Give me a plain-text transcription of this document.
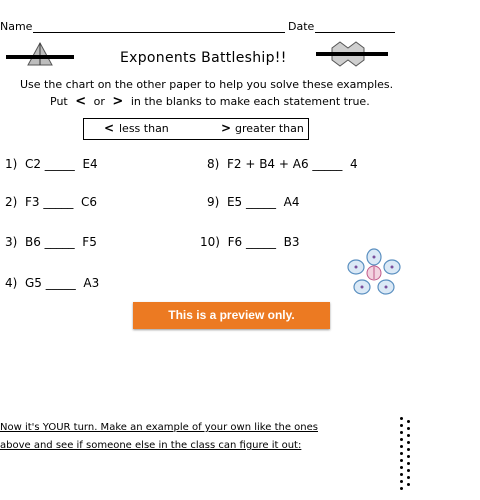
Name	Date
Exponents Battleship!!
Use the chart on the other paper to help you solve these examples.
Put < or > in the blanks to make each statement true.
< less than	> greater than
1) C2 _____  E4
2) F3 _____  C6
3) B6 _____  F5
4) G5 _____  A3
8) F2 + B4 + A6 _____  4
9) E5 _____  A4
10) F6 _____  B3
This is a preview only.
Now it's YOUR turn. Make an example of your own like the ones
above and see if someone else in the class can figure it out:
